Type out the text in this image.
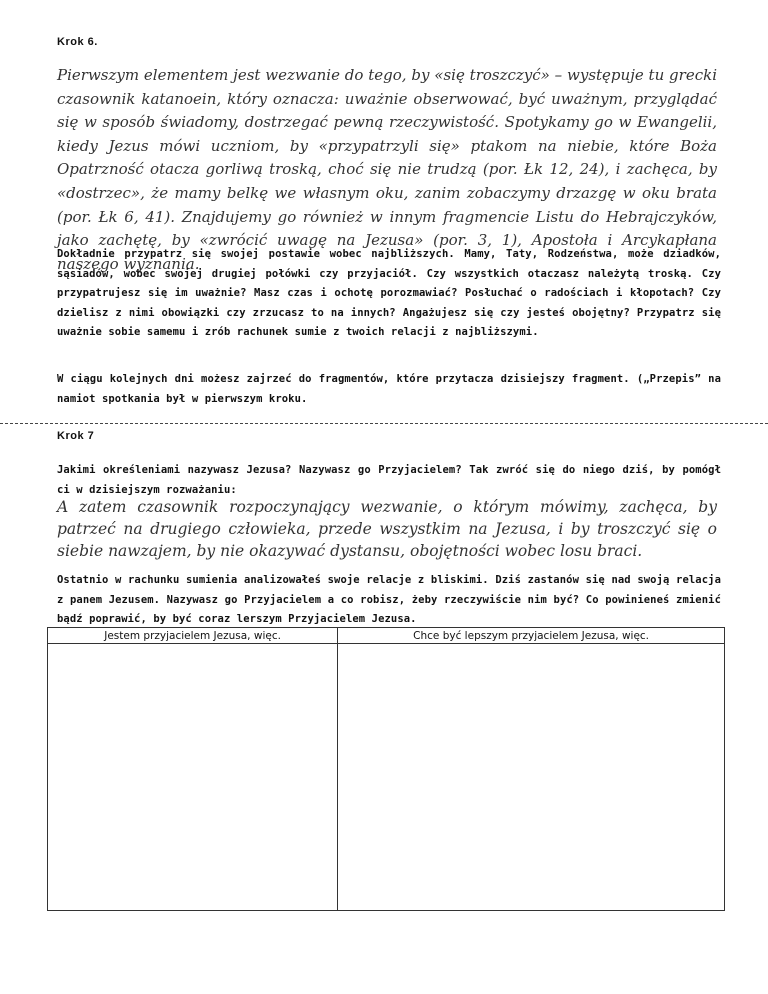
Krok 6.
Pierwszym elementem jest wezwanie do tego, by «się troszczyć» – występuje tu grecki czasownik katanoein, który oznacza: uważnie obserwować, być uważnym, przyglądać się w sposób świadomy, dostrzegać pewną rzeczywistość. Spotykamy go w Ewangelii, kiedy Jezus mówi uczniom, by «przypatrzyli się» ptakom na niebie, które Boża Opatrzność otacza gorliwą troską, choć się nie trudzą (por. Łk 12, 24), i zachęca, by «dostrzec», że mamy belkę we własnym oku, zanim zobaczymy drzazgę w oku brata (por. Łk 6, 41). Znajdujemy go również w innym fragmencie Listu do Hebrajczyków, jako zachętę, by «zwrócić uwagę na Jezusa» (por. 3, 1), Apostoła i Arcykapłana naszego wyznania.
Dokładnie przypatrz się swojej postawie wobec najbliższych. Mamy, Taty, Rodzeństwa, może dziadków, sąsiadów, wobec swojej drugiej połówki czy przyjaciół. Czy wszystkich otaczasz należytą troską. Czy przypatrujesz się im uważnie? Masz czas i ochotę porozmawiać? Posłuchać o radościach i kłopotach? Czy dzielisz z nimi obowiązki czy zrzucasz to na innych? Angażujesz się czy jesteś obojętny? Przypatrz się uważnie sobie samemu i zrób rachunek sumie z twoich relacji z najbliższymi.
W ciągu kolejnych dni możesz zajrzeć do fragmentów, które przytacza dzisiejszy fragment. („Przepis” na namiot spotkania był w pierwszym kroku.
Krok 7
Jakimi określeniami nazywasz Jezusa? Nazywasz go Przyjacielem? Tak zwróć się do niego dziś, by pomógł ci w dzisiejszym rozważaniu:
A zatem czasownik rozpoczynający wezwanie, o którym mówimy, zachęca, by patrzeć na drugiego człowieka, przede wszystkim na Jezusa, i by troszczyć się o siebie nawzajem, by nie okazywać dystansu, obojętności wobec losu braci.
Ostatnio w rachunku sumienia analizowałeś swoje relacje z bliskimi. Dziś zastanów się nad swoją relacja z panem Jezusem. Nazywasz go Przyjacielem a co robisz, żeby rzeczywiście nim być? Co powinieneś zmienić bądź poprawić, by być coraz lerszym Przyjacielem Jezusa.
Jestem przyjacielem Jezusa, więc.	Chce być lepszym przyjacielem Jezusa, więc.
